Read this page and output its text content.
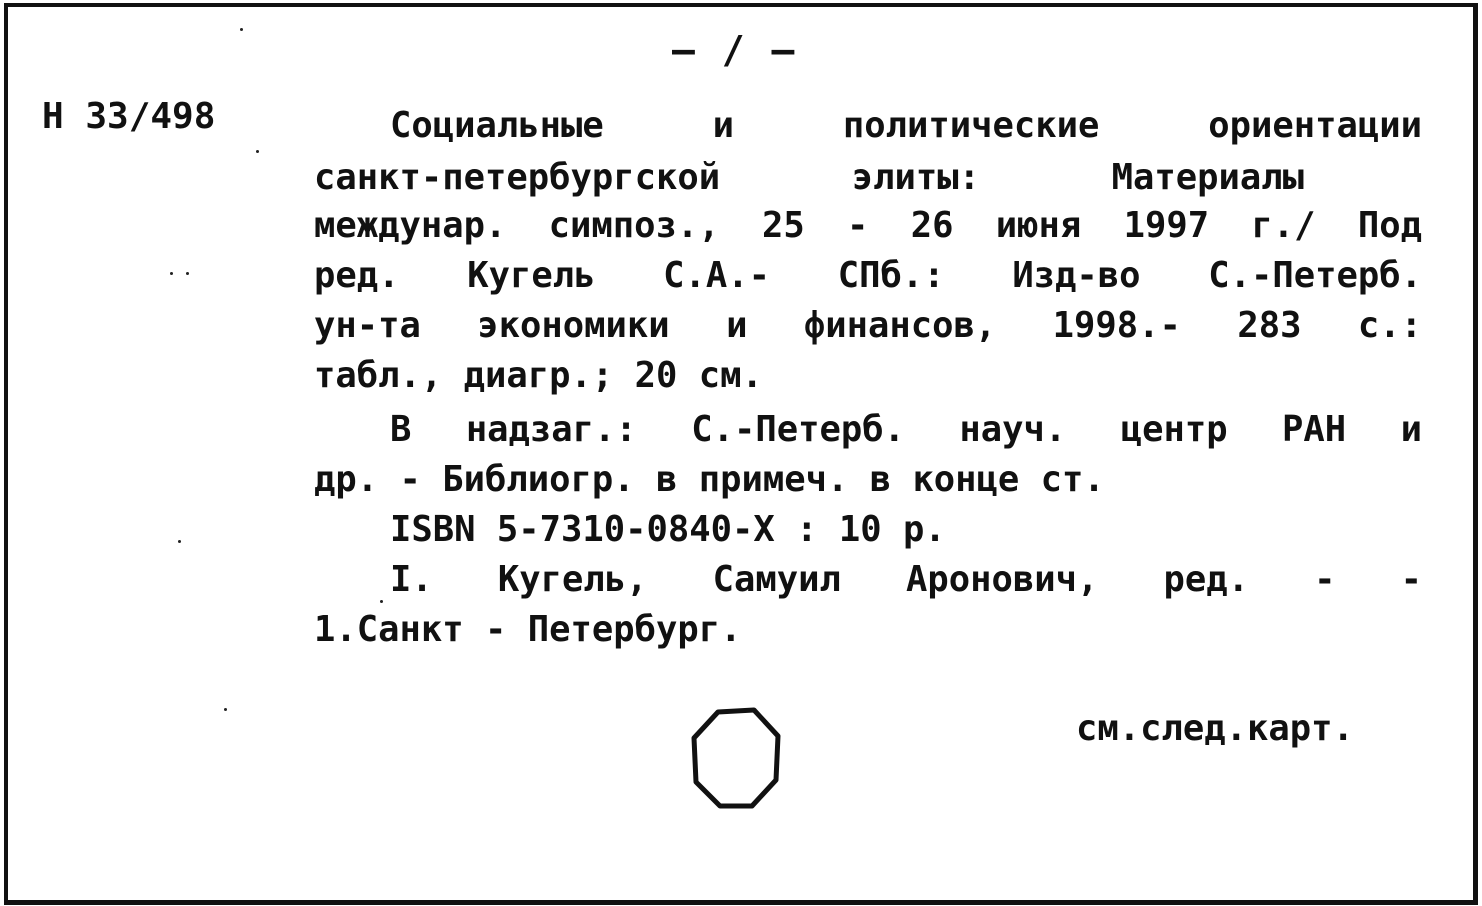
— / —
Н 33/498	Социальные	и	политические	ориентации
санкт-петербургской	элиты:	Материалы
междунар. симпоз., 25 - 26 июня 1997 г./ Под
ред. Кугель С.А.- СПб.: Изд-во С.-Петерб.
ун-та экономики и финансов, 1998.- 283 с.:
табл., диагр.; 20 см.
В надзаг.: С.-Петерб. науч. центр РАН и
др. - Библиогр. в примеч. в конце ст.
ISBN 5-7310-0840-X : 10 р.
I. Кугель, Самуил Аронович, ред. - -
1.Санкт - Петербург.
см.след.карт.
